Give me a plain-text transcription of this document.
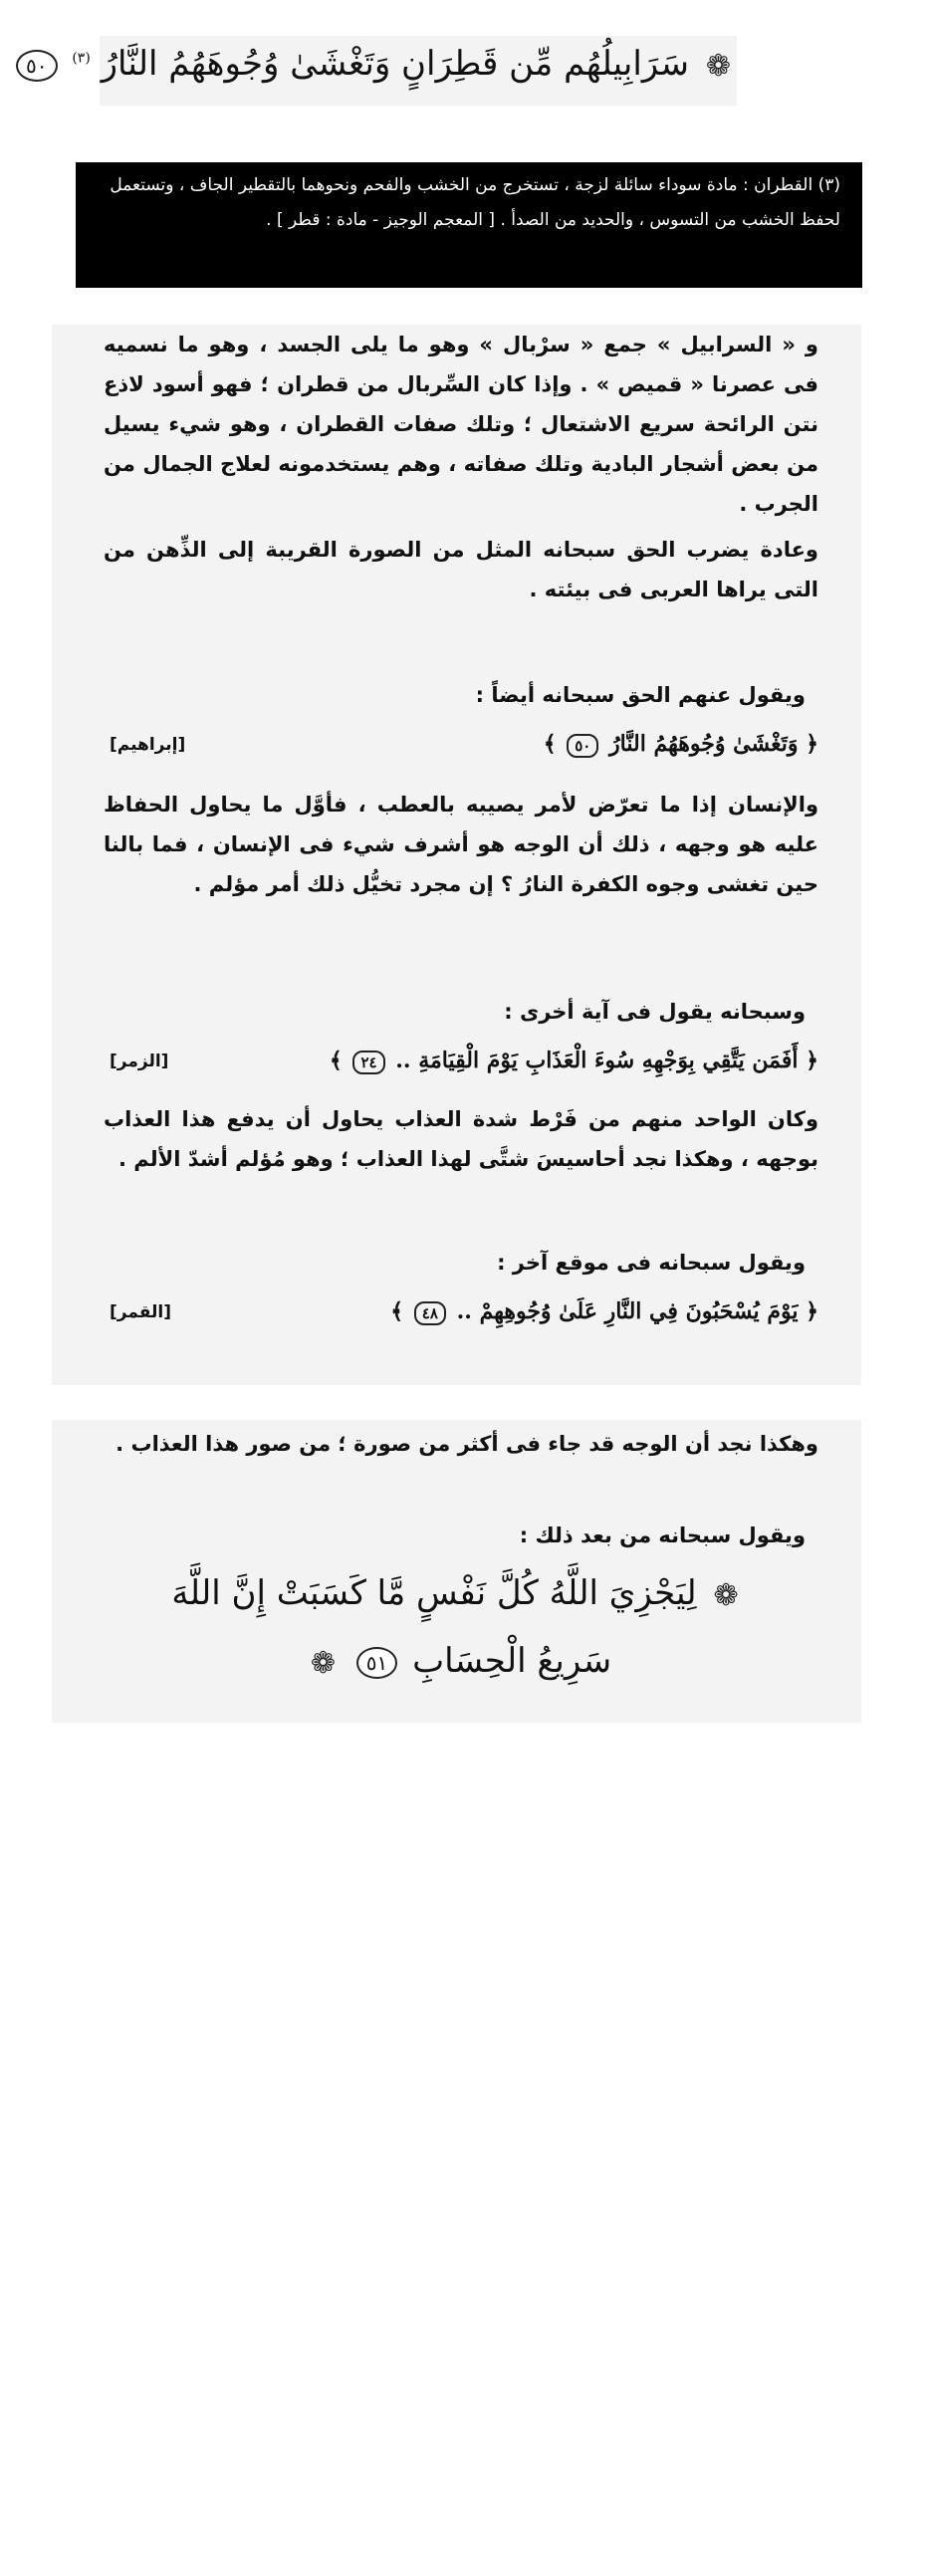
❁ سَرَابِيلُهُم مِّن قَطِرَانٍ وَتَغْشَىٰ وُجُوهَهُمُ النَّارُ $^{(٣)}$ ٥٠
(٣) القطران : مادة سوداء سائلة لزجة ، تستخرج من الخشب والفحم ونحوهما بالتقطير الجاف ، وتستعمل لحفظ الخشب من التسوس ، والحديد من الصدأ . [ المعجم الوجيز - مادة : قطر ] .
و « السرابيل » جمع « سرْبال » وهو ما يلى الجسد ، وهو ما نسميه فى عصرنا « قميص » . وإذا كان السِّربال من قطران ؛ فهو أسود لاذع نتن الرائحة سريع الاشتعال ؛ وتلك صفات القطران ، وهو شيء يسيل من بعض أشجار البادية وتلك صفاته ، وهم يستخدمونه لعلاج الجمال من الجرب .
وعادة يضرب الحق سبحانه المثل من الصورة القريبة إلى الذِّهن من التى يراها العربى فى بيئته .
ويقول عنهم الحق سبحانه أيضاً :
﴿ وَتَغْشَىٰ وُجُوهَهُمُ النَّارُ ٥٠ ﴾
[إبراهيم]
والإنسان إذا ما تعرّض لأمر يصيبه بالعطب ، فأوَّل ما يحاول الحفاظ عليه هو وجهه ، ذلك أن الوجه هو أشرف شيء فى الإنسان ، فما بالنا حين تغشى وجوه الكفرة النارُ ؟ إن مجرد تخيُّل ذلك أمر مؤلم .
وسبحانه يقول فى آية أخرى :
﴿ أَفَمَن يَتَّقِي بِوَجْهِهِ سُوءَ الْعَذَابِ يَوْمَ الْقِيَامَةِ .. ٢٤ ﴾
[الزمر]
وكان الواحد منهم من فَرْط شدة العذاب يحاول أن يدفع هذا العذاب بوجهه ، وهكذا نجد أحاسيسَ شتَّى لهذا العذاب ؛ وهو مُؤلم أشدّ الألم .
ويقول سبحانه فى موقع آخر :
﴿ يَوْمَ يُسْحَبُونَ فِي النَّارِ عَلَىٰ وُجُوهِهِمْ .. ٤٨ ﴾
[القمر]
وهكذا نجد أن الوجه قد جاء فى أكثر من صورة ؛ من صور هذا العذاب .
ويقول سبحانه من بعد ذلك :
❁ لِيَجْزِيَ اللَّهُ كُلَّ نَفْسٍ مَّا كَسَبَتْ إِنَّ اللَّهَ
سَرِيعُ الْحِسَابِ ٥١ ❁
